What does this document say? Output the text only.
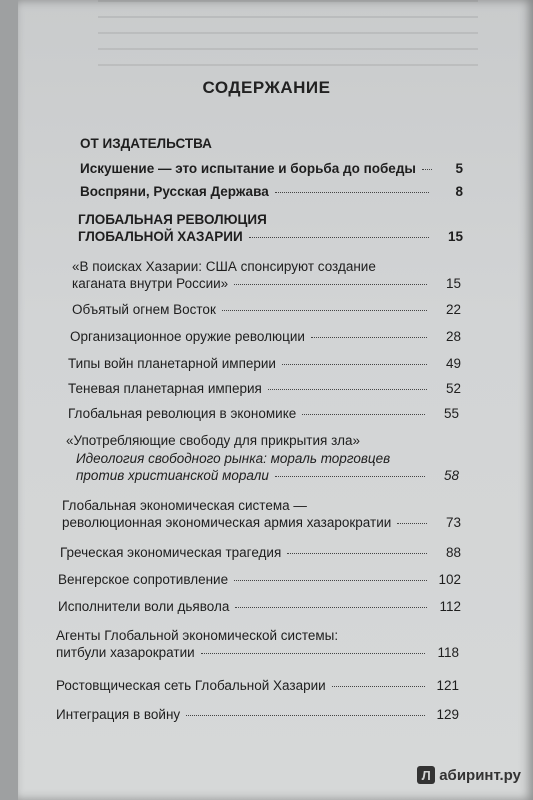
СОДЕРЖАНИЕ
ОТ ИЗДАТЕЛЬСТВА
Искушение — это испытание и борьба до победы	5
Воспряни, Русская Держава	8
ГЛОБАЛЬНАЯ РЕВОЛЮЦИЯ
ГЛОБАЛЬНОЙ ХАЗАРИИ	15
«В поисках Хазарии: США спонсируют создание
каганата внутри России»	15
Объятый огнем Восток	22
Организационное оружие революции	28
Типы войн планетарной империи	49
Теневая планетарная империя	52
Глобальная революция в экономике	55
«Употребляющие свободу для прикрытия зла»
Идеология свободного рынка: мораль торговцев
против христианской морали	58
Глобальная экономическая система —
революционная экономическая армия хазарократии	73
Греческая экономическая трагедия	88
Венгерское сопротивление	102
Исполнители воли дьявола	112
Агенты Глобальной экономической системы:
питбули хазарократии	118
Ростовщическая сеть Глобальной Хазарии	121
Интеграция в войну	129
Л абиринт.ру
